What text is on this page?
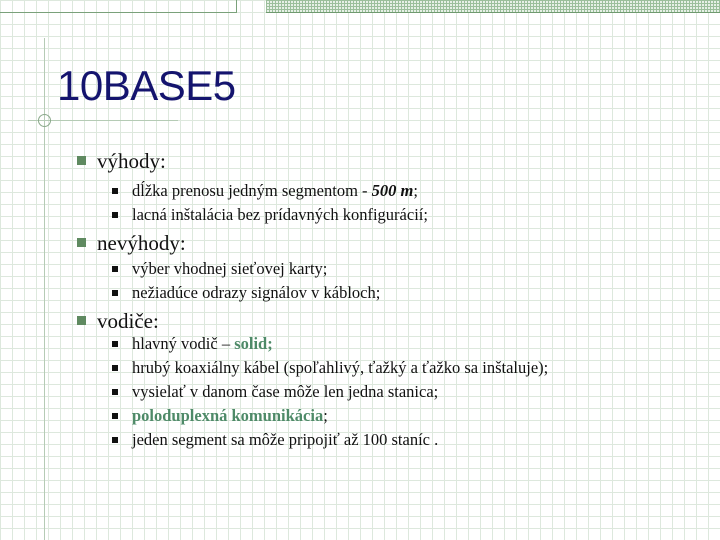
10BASE5
výhody:
dĺžka prenosu jedným segmentom - 500 m;
lacná inštalácia bez prídavných konfigurácií;
nevýhody:
výber vhodnej sieťovej karty;
nežiadúce odrazy signálov v kábloch;
vodiče:
hlavný vodič – solid;
hrubý koaxiálny kábel (spoľahlivý, ťažký a ťažko sa inštaluje);
vysielať v danom čase môže len jedna stanica;
poloduplexná komunikácia;
jeden segment sa môže pripojiť až 100 staníc .
